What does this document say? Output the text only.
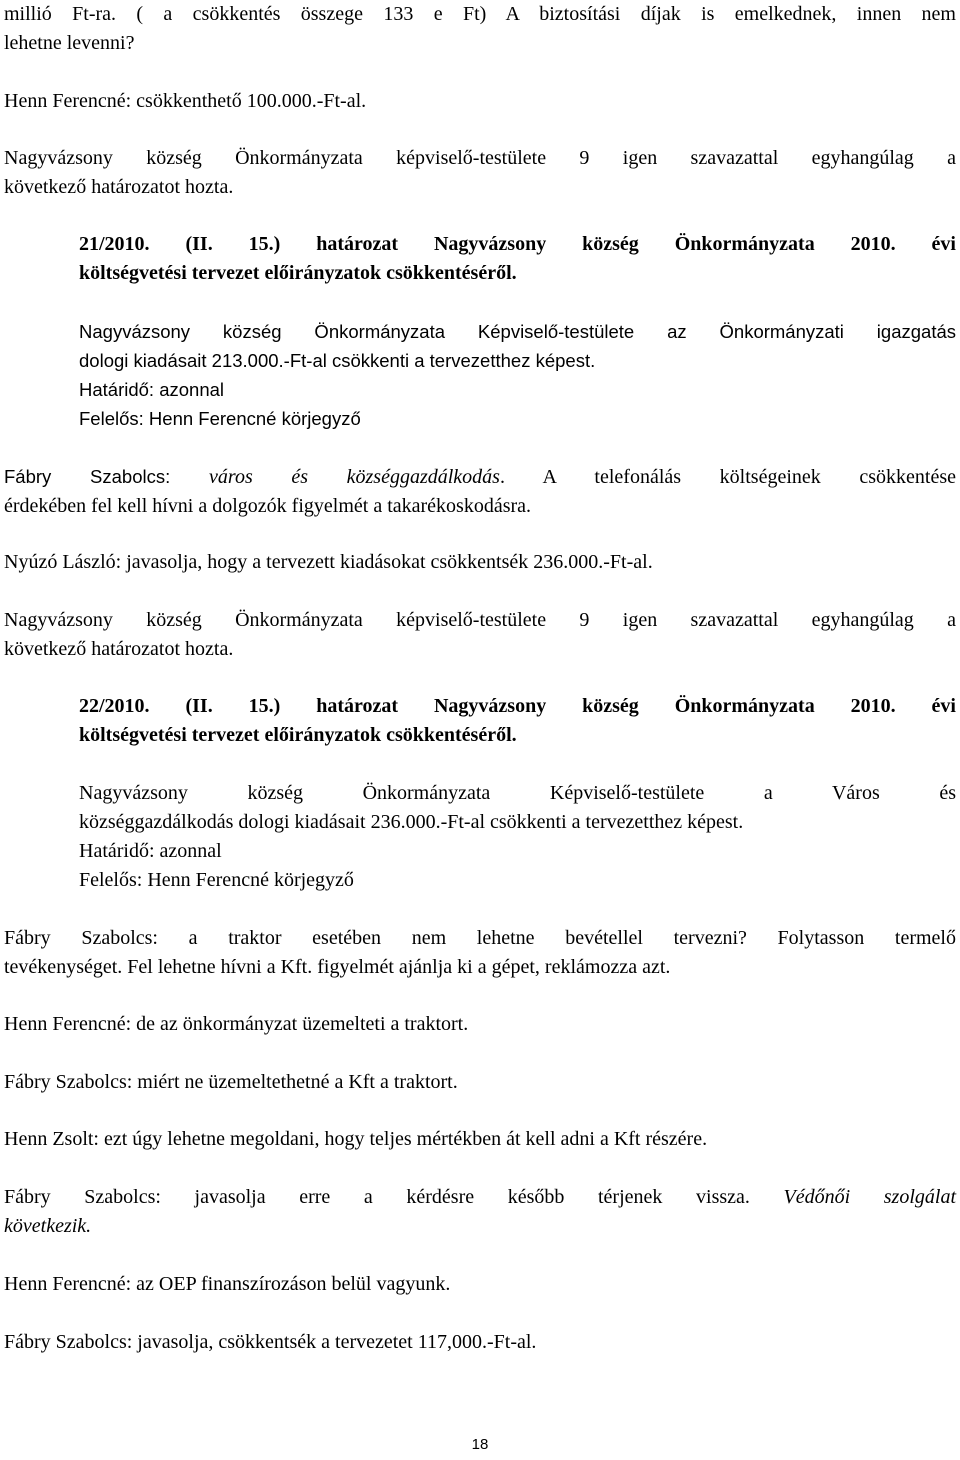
millió Ft-ra. ( a csökkentés összege 133 e Ft) A biztosítási díjak is emelkednek, innen nem
lehetne levenni?

Henn Ferencné: csökkenthető 100.000.-Ft-al.

Nagyvázsony község Önkormányzata képviselő-testülete 9 igen szavazattal egyhangúlag a
következő határozatot hozta.

21/2010. (II. 15.) határozat Nagyvázsony község Önkormányzata 2010. évi
költségvetési tervezet előirányzatok csökkentéséről.

Nagyvázsony község Önkormányzata Képviselő-testülete az Önkormányzati igazgatás
dologi kiadásait 213.000.-Ft-al csökkenti a tervezetthez képest.
Határidő: azonnal
Felelős: Henn Ferencné körjegyző

Fábry Szabolcs: város és községgazdálkodás. A telefonálás költségeinek csökkentése
érdekében fel kell hívni a dolgozók figyelmét a takarékoskodásra.

Nyúzó László: javasolja, hogy a tervezett kiadásokat csökkentsék 236.000.-Ft-al.

Nagyvázsony község Önkormányzata képviselő-testülete 9 igen szavazattal egyhangúlag a
következő határozatot hozta.

22/2010. (II. 15.) határozat Nagyvázsony község Önkormányzata 2010. évi
költségvetési tervezet előirányzatok csökkentéséről.

Nagyvázsony község Önkormányzata Képviselő-testülete a Város és
községgazdálkodás dologi kiadásait 236.000.-Ft-al csökkenti a tervezetthez képest.
Határidő: azonnal
Felelős: Henn Ferencné körjegyző

Fábry Szabolcs: a traktor esetében nem lehetne bevétellel tervezni? Folytasson termelő
tevékenységet. Fel lehetne hívni a Kft. figyelmét ajánlja ki a gépet, reklámozza azt.

Henn Ferencné: de az önkormányzat üzemelteti a traktort.

Fábry Szabolcs: miért ne üzemeltethetné a Kft a traktort.

Henn Zsolt: ezt úgy lehetne megoldani, hogy teljes mértékben át kell adni a Kft részére.

Fábry Szabolcs: javasolja erre a kérdésre később térjenek vissza. Védőnői szolgálat
következik.

Henn Ferencné: az OEP finanszírozáson belül vagyunk.

Fábry Szabolcs: javasolja, csökkentsék a tervezetet 117,000.-Ft-al.

18
